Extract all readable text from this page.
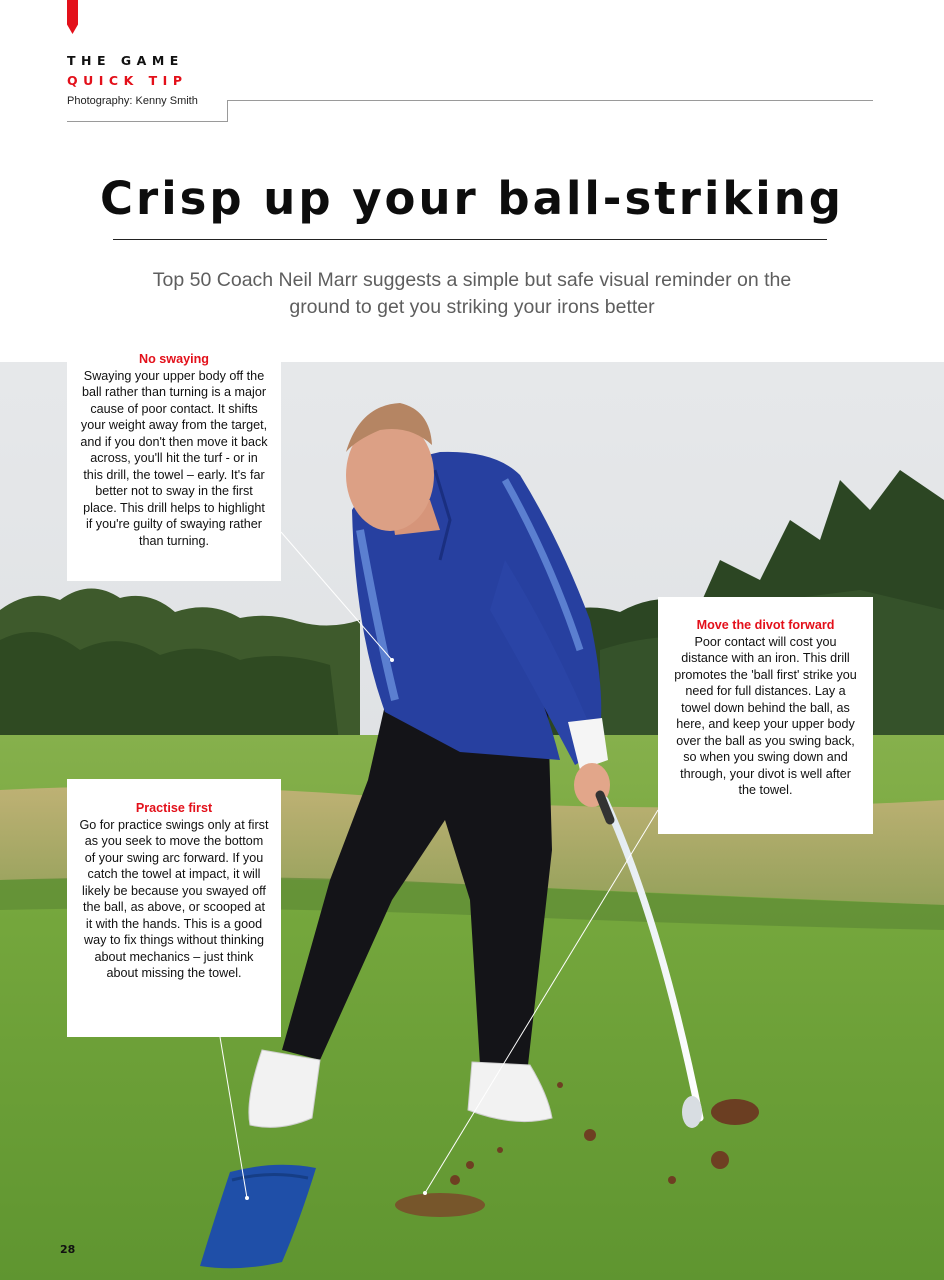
THE GAME
QUICK TIP
Photography: Kenny Smith
Crisp up your ball-striking

Top 50 Coach Neil Marr suggests a simple but safe visual reminder on the ground to get you striking your irons better

No swaying
Swaying your upper body off the ball rather than turning is a major cause of poor contact. It shifts your weight away from the target, and if you don't then move it back across, you'll hit the turf - or in this drill, the towel – early. It's far better not to sway in the first place. This drill helps to highlight if you're guilty of swaying rather than turning.
Practise first
Go for practice swings only at first as you seek to move the bottom of your swing arc forward. If you catch the towel at impact, it will likely be because you swayed off the ball, as above, or scooped at it with the hands. This is a good way to fix things without thinking about mechanics – just think about missing the towel.
Move the divot forward
Poor contact will cost you distance with an iron. This drill promotes the 'ball first' strike you need for full distances. Lay a towel down behind the ball, as here, and keep your upper body over the ball as you swing back, so when you swing down and through, your divot is well after the towel.
28
